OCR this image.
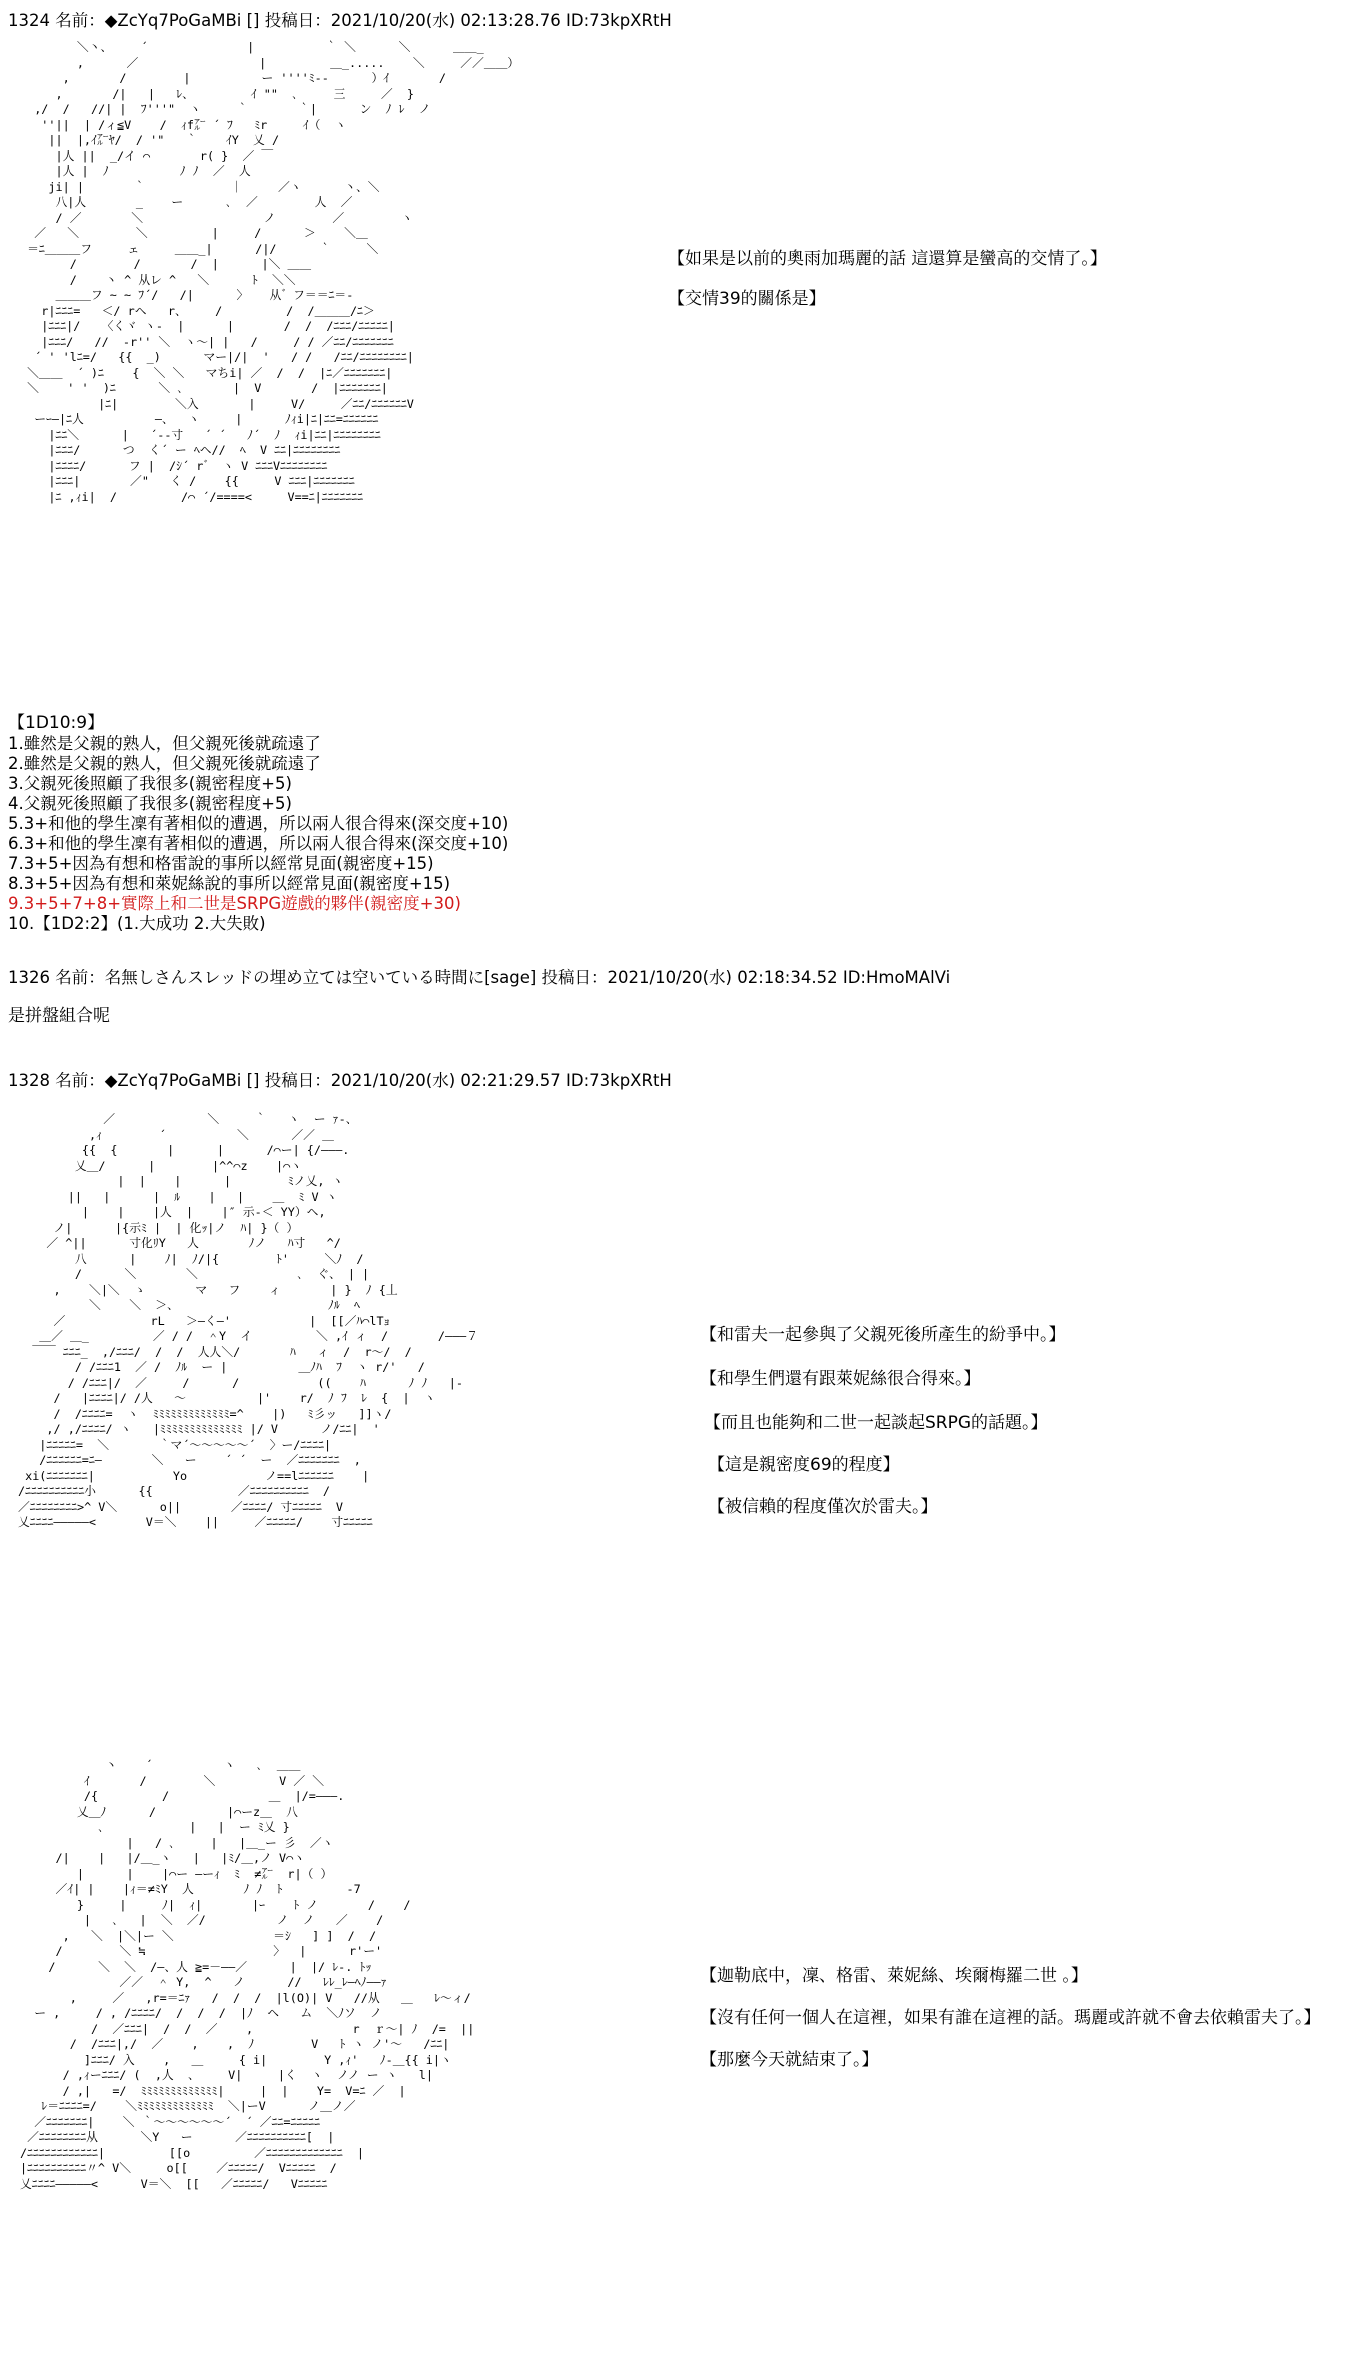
1324 名前：◆ZcYq7PoGaMBi [] 投稿日：2021/10/20(水) 02:13:28.76 ID:73kpXRtH
＼丶、    ´              |          ｀ ＼      ＼      ＿＿_
,      ／                 |         ＿_.....    ＼     ／／＿＿）
,       /        |          ー ''''ﾐ--      ）ｲ       /
,       /|   |   ﾚ、        ｲ ""  ､     三     ／  }
,/  /   //| |  ﾌ'''"  ヽ     ｀       ｀|      ン  ﾉ ﾚ  ノ
''||  | /ィ≦V    /  ｨf㌃ ´ ﾌ   ﾐr     ｲ（  ヽ
||  |,ｲ㌃ﾔ/  / '"   ｀    ｲY  乂 /
|人 ||  _/イ ⌒       r( }  ／ ￣
|人 |  ﾉ          ﾉ ﾉ  ／  人
ji| |       ｀            ｜     ／ヽ      丶、＼
八|人       _    ー      ､  ／        人  ／
/ ／       ＼                 ノ        ／        ヽ
／   ＼        ＼         |     /      ＞    ＼＿
＝ﾆ＿＿＿フ     ェ     ＿＿_|      /|/      ｀     ＼
/        /       /  |      |＼ ＿＿
/    丶 ^ 从レ ^   ＼      ﾄ  ＼＼
＿＿＿フ ~ ~ ﾌ´/   /|      〉   从゛フ＝＝ﾆ＝-
r|ﾆﾆﾆ=   ＜/ rヘ   r、    /         /  /＿＿＿/ﾆ＞
|ﾆﾆﾆ|/   〈くヾ ヽ-  |      |       /  /  /ﾆﾆﾆ/ﾆﾆﾆﾆﾆ|
|ﾆﾆﾆ/   //  -r'' ＼  ヽ〜| |   /     / / ／ﾆﾆ/ﾆﾆﾆﾆﾆﾆﾆ
´ ' 'lﾆ=/   {{  _)      マー|/|  '   / /   /ﾆﾆ/ﾆﾆﾆﾆﾆﾆﾆﾆ|
＼＿＿  ´ )ﾆ    {  ＼ ＼   マちi| ／  /  /  |ﾆ／ﾆﾆﾆﾆﾆﾆﾆ|
＼    ' '  )ﾆ      ＼ ､       |  V       /  |ﾆﾆﾆﾆﾆﾆﾆ|
|ﾆ|        ＼入       |     V/     ／ﾆﾆ/ﾆﾆﾆﾆﾆﾆV
ーｰ―|ﾆ人          ―、  ヽ     |      ﾉｨi|ﾆ|ﾆﾆ=ﾆﾆﾆﾆﾆﾆ
|ﾆﾆ＼      |   ´--寸   ´ ´   ﾉ´  ﾉ  ｨi|ﾆﾆ|ﾆﾆﾆﾆﾆﾆﾆﾆ
|ﾆﾆﾆ/      つ  く´ ー ﾍヘ//  ﾍ  V ﾆﾆ|ﾆﾆﾆﾆﾆﾆﾆﾆ
|ﾆﾆﾆﾆ/      フ |  /ｼ´ r゛ ヽ V ﾆﾆﾆVﾆﾆﾆﾆﾆﾆﾆﾆ
|ﾆﾆﾆ|       ／"   く /    {{     V ﾆﾆﾆ|ﾆﾆﾆﾆﾆﾆﾆ
|ﾆ ,ｨi|  /         /⌒ ´/====<     V==ﾆ|ﾆﾆﾆﾆﾆﾆﾆ
【如果是以前的奧雨加瑪麗的話 這還算是蠻高的交情了。】
【交情39的關係是】
【1D10:9】
1.雖然是父親的熟人，但父親死後就疏遠了
2.雖然是父親的熟人，但父親死後就疏遠了
3.父親死後照顧了我很多(親密程度+5)
4.父親死後照顧了我很多(親密程度+5)
5.3+和他的學生凜有著相似的遭遇，所以兩人很合得來(深交度+10)
6.3+和他的學生凜有著相似的遭遇，所以兩人很合得來(深交度+10)
7.3+5+因為有想和格雷說的事所以經常見面(親密度+15)
8.3+5+因為有想和萊妮絲說的事所以經常見面(親密度+15)
9.3+5+7+8+實際上和二世是SRPG遊戲的夥伴(親密度+30)
10.【1D2:2】(1.大成功 2.大失敗)
1326 名前：名無しさんスレッドの埋め立ては空いている時間に[sage] 投稿日：2021/10/20(水) 02:18:34.52 ID:HmoMAlVi
是拼盤組合呢
1328 名前：◆ZcYq7PoGaMBi [] 投稿日：2021/10/20(水) 02:21:29.57 ID:73kpXRtH
／             ＼     ｀   ヽ  ー ｧ-、
,ｨ        ´          ＼      ／／ ＿
{{  {       |      |      /⌒ー| {/―――.
乂＿/      |        |^^⌒z    |⌒ヽ
|  |    |      |        ﾐノ乂, ヽ
||   |      |  ﾙ    |   |    ＿  ﾐ V ヽ
|    |    |人  |    |″ 示-＜ YY）ヘ,
ノ|      |{示ﾐ |  | 化ｯ|ノ  ﾊ| }（ ）
／ ^||      寸化ﾘY   人       ﾉノ   ﾊ寸   ^/
八      |    ﾉ|  ﾉ/|{        ﾄ'     ＼ﾉ  /
/      ＼       ＼              ､  ぐ、 | |
,    ＼|＼  ゝ       マ   フ    ィ       | }  ﾉ {丄
＼    ＼  ＞、                     ﾉﾙ  ﾍ
／            rL   ＞―く―'           |  [[／ﾊ⌒lTｮ
＿／ ＿_         ／ / /  ＾Y  イ         ＼ ,ｲ ィ  /       /―――７
￣￣ ﾆﾆﾆ_  ,/ﾆﾆﾆ/  /  /  人人＼/       ﾊ   ィ  /  r〜/  /
/ /ﾆﾆﾆ1  ／ /  ﾉﾙ  ー |          ＿ﾉﾊ  ﾌ  ヽ r/'   /
/ /ﾆﾆﾆ|/  ／     /      /           ((    ﾊ      ﾉ ﾉ   |-
/   |ﾆﾆﾆﾆ|/ /人   〜          |'    r/  ﾉ ﾌ  ﾚ  {  |  ヽ
/  /ﾆﾆﾆﾆ=  ヽ  ﾐﾐﾐﾐﾐﾐﾐﾐﾐﾐﾐﾐﾐ=^    |)   ﾐ彡ッ   ]]ヽ/
,/ ,/ﾆﾆﾆﾆ/ ヽ   |ﾐﾐﾐﾐﾐﾐﾐﾐﾐﾐﾐﾐﾐﾐ |/ V      ノ/ﾆﾆ|  '
|ﾆﾆﾆﾆﾆ=  ＼       ｀マ´〜〜〜〜〜´  〉ー/ﾆﾆﾆﾆ|
/ﾆﾆﾆﾆﾆﾆ=ﾆ―       ＼   ー    ´ ´  ー  ／ﾆﾆﾆﾆﾆﾆﾆ  ,
xi(ﾆﾆﾆﾆﾆﾆﾆ|           Yo           ノ==lﾆﾆﾆﾆﾆﾆ    |
/ﾆﾆﾆﾆﾆﾆﾆﾆﾆﾆ小      {{            ／ﾆﾆﾆﾆﾆﾆﾆﾆﾆﾆ  /
／ﾆﾆﾆﾆﾆﾆﾆﾆ>^ V＼      o||       ／ﾆﾆﾆﾆ/ 寸ﾆﾆﾆﾆﾆ  V
乂ﾆﾆﾆﾆ―――――<       V＝＼    ||     ／ﾆﾆﾆﾆﾆ/    寸ﾆﾆﾆﾆﾆ
【和雷夫一起參與了父親死後所產生的紛爭中。】
【和學生們還有跟萊妮絲很合得來。】
【而且也能夠和二世一起談起SRPG的話題。】
【這是親密度69的程度】
【被信賴的程度僅次於雷夫。】
丶    ´          ヽ   ､  ＿＿
ｲ       /        ＼         V ／ ＼
/{         /              ＿  |/=―――.
乂＿ﾉ      /          |⌒ーz＿  八
､            |   |  ー ﾐ乂 }
|   / ､     |   |＿_ー 彡  ／ヽ
/|    |   |/＿_ヽ   |   |ﾐ/＿,ノ V⌒ヽ
|      |    |⌒ー ―ーｨ  ﾐ  ≠㌃  r|（ ）
／ｲ| |    |ｨ＝≠ﾐY  人       ﾉ ﾉ  ﾄ         -7
}     |     ﾉ|  ｨ|       |ｰ    ﾄ ノ       /    /
|   ､   |  ＼  ／/          ノ  ノ   ／    /
,   ＼  |＼|ー ＼              ＝ｼ   ] ]  /  /
/        ＼ ≒                  〉  |      r'ー'
/      ＼  ＼  /―、人 ≧=－――／      |  |/ ﾚ-. ﾄｯ
／／  ＾ Y,  ^   ノ      //   ﾚﾚ_ﾚ―ﾍﾉ――ｧ
,     ／   ,r=＝ﾆｧ   /  /  /  |l(O)| V   //从   ＿   ﾚ〜ィ/
ー ,     / , /ﾆﾆﾆﾆ/  /  /  /  |ﾉ  ヘ   ム  ＼ﾉソ  ノ
/  ／ﾆﾆﾆ|  /  /  ／    ,              r  ｒ〜| ﾉ  /=  ||
/  /ﾆﾆﾆ|,/  ／    ,    ,  ﾉ        V   ﾄ ヽ ノ'〜   /ﾆﾆ|
]ﾆﾆﾆ/ 入    ,   ＿     { i|        Y ,ｨ'   ﾉ-＿{{ i|ヽ
/ ,ｨーﾆﾆﾆ/ (  ,人  、    V|     |く  ヽ  ノノ ー ヽ   l|
/ ,|   =/  ﾐﾐﾐﾐﾐﾐﾐﾐﾐﾐﾐﾐﾐ|     |  |    Y=  V=ﾆ ／  |
ﾚ＝ﾆﾆﾆﾆ=/    ＼ﾐﾐﾐﾐﾐﾐﾐﾐﾐﾐﾐﾐﾐ  ＼|ーV      ノ＿ノ／
／ﾆﾆﾆﾆﾆﾆﾆ|    ＼ ｀〜〜〜〜〜〜´  ´ ／ﾆﾆ=ﾆﾆﾆﾆﾆ
／ﾆﾆﾆﾆﾆﾆﾆﾆ从      ＼Y   ー      ／ﾆﾆﾆﾆﾆﾆﾆﾆﾆﾆ[  |
/ﾆﾆﾆﾆﾆﾆﾆﾆﾆﾆﾆﾆ|         [[o         ／ﾆﾆﾆﾆﾆﾆﾆﾆﾆﾆﾆﾆﾆ  |
|ﾆﾆﾆﾆﾆﾆﾆﾆﾆﾆ〃^ V＼     o[[    ／ﾆﾆﾆﾆﾆ/  Vﾆﾆﾆﾆﾆ  /
乂ﾆﾆﾆﾆ―――――<      V＝＼  [[   ／ﾆﾆﾆﾆﾆ/   Vﾆﾆﾆﾆﾆ
【迦勒底中，凜、格雷、萊妮絲、埃爾梅羅二世 。】
【沒有任何一個人在這裡，如果有誰在這裡的話。瑪麗或許就不會去依賴雷夫了。】
【那麼今天就結束了。】
